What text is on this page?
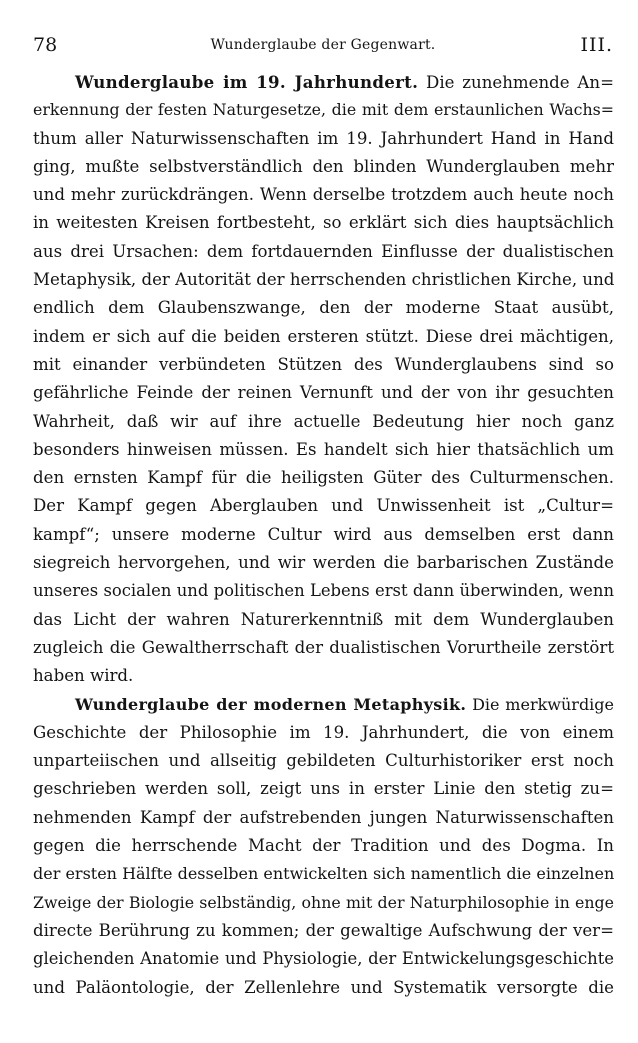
78	Wunderglaube der Gegenwart.	III.
Wunderglaube im 19. Jahrhundert. Die zunehmende An=
erkennung der festen Naturgesetze, die mit dem erstaunlichen Wachs=
thum aller Naturwissenschaften im 19. Jahrhundert Hand in Hand
ging, mußte selbstverständlich den blinden Wunderglauben mehr
und mehr zurückdrängen. Wenn derselbe trotzdem auch heute noch
in weitesten Kreisen fortbesteht, so erklärt sich dies hauptsächlich
aus drei Ursachen: dem fortdauernden Einflusse der dualistischen
Metaphysik, der Autorität der herrschenden christlichen Kirche, und
endlich dem Glaubenszwange, den der moderne Staat ausübt,
indem er sich auf die beiden ersteren stützt. Diese drei mächtigen,
mit einander verbündeten Stützen des Wunderglaubens sind so
gefährliche Feinde der reinen Vernunft und der von ihr gesuchten
Wahrheit, daß wir auf ihre actuelle Bedeutung hier noch ganz
besonders hinweisen müssen. Es handelt sich hier thatsächlich um
den ernsten Kampf für die heiligsten Güter des Culturmenschen.
Der Kampf gegen Aberglauben und Unwissenheit ist „Cultur=
kampf“; unsere moderne Cultur wird aus demselben erst dann
siegreich hervorgehen, und wir werden die barbarischen Zustände
unseres socialen und politischen Lebens erst dann überwinden, wenn
das Licht der wahren Naturerkenntniß mit dem Wunderglauben
zugleich die Gewaltherrschaft der dualistischen Vorurtheile zerstört
haben wird.
Wunderglaube der modernen Metaphysik. Die merkwürdige
Geschichte der Philosophie im 19. Jahrhundert, die von einem
unparteiischen und allseitig gebildeten Culturhistoriker erst noch
geschrieben werden soll, zeigt uns in erster Linie den stetig zu=
nehmenden Kampf der aufstrebenden jungen Naturwissenschaften
gegen die herrschende Macht der Tradition und des Dogma. In
der ersten Hälfte desselben entwickelten sich namentlich die einzelnen
Zweige der Biologie selbständig, ohne mit der Naturphilosophie in enge
directe Berührung zu kommen; der gewaltige Aufschwung der ver=
gleichenden Anatomie und Physiologie, der Entwickelungsgeschichte
und Paläontologie, der Zellenlehre und Systematik versorgte die
